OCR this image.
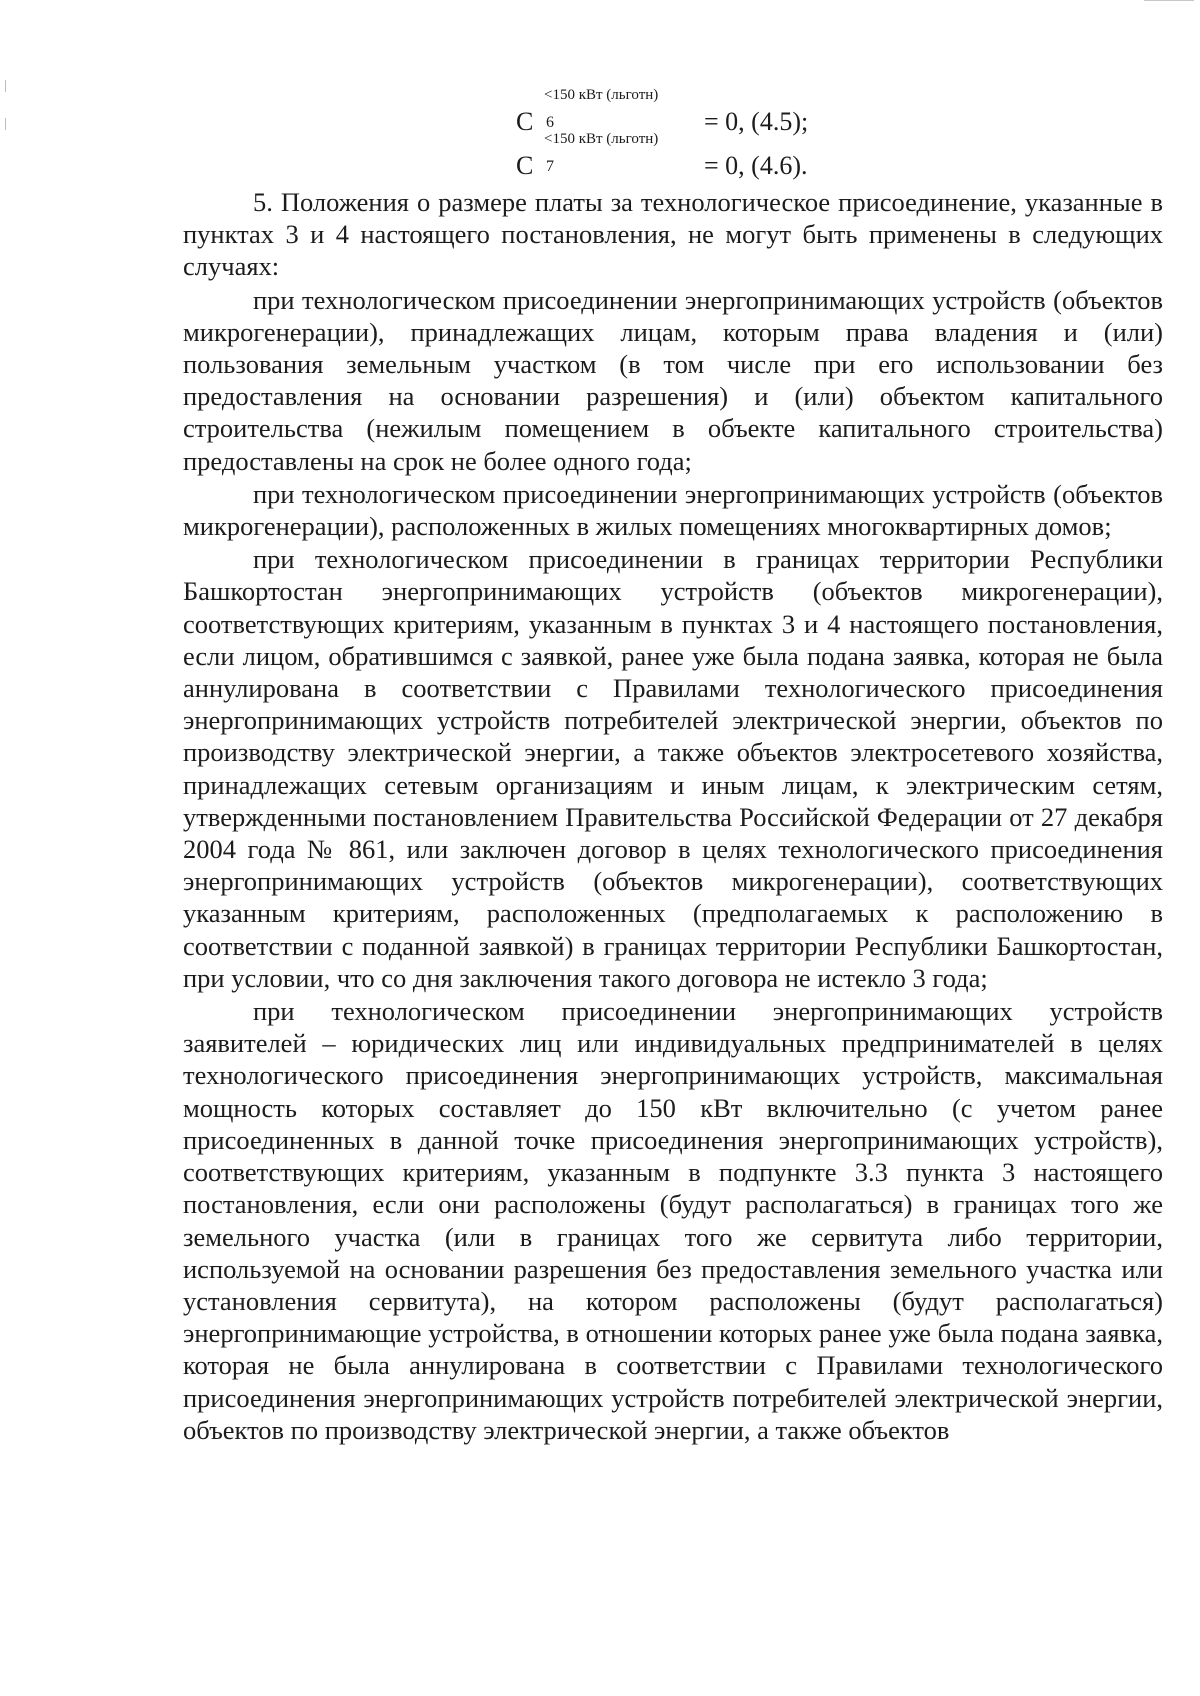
С
<150 кВт (льготн)
6	= 0, (4.5);
С
<150 кВт (льготн)
7	= 0, (4.6).

5. Положения о размере платы за технологическое присоединение, указанные в пунктах 3 и 4 настоящего постановления, не могут быть применены в следующих случаях:

при технологическом присоединении энергопринимающих устройств (объектов микрогенерации), принадлежащих лицам, которым права владения и (или) пользования земельным участком (в том числе при его использовании без предоставления на основании разрешения) и (или) объектом капитального строительства (нежилым помещением в объекте капитального строительства) предоставлены на срок не более одного года;

при технологическом присоединении энергопринимающих устройств (объектов микрогенерации), расположенных в жилых помещениях многоквартирных домов;

при технологическом присоединении в границах территории Республики Башкортостан энергопринимающих устройств (объектов микрогенерации), соответствующих критериям, указанным в пунктах 3 и 4 настоящего постановления, если лицом, обратившимся с заявкой, ранее уже была подана заявка, которая не была аннулирована в соответствии с Правилами технологического присоединения энергопринимающих устройств потребителей электрической энергии, объектов по производству электрической энергии, а также объектов электросетевого хозяйства, принадлежащих сетевым организациям и иным лицам, к электрическим сетям, утвержденными постановлением Правительства Российской Федерации от 27 декабря 2004 года № 861, или заключен договор в целях технологического присоединения энергопринимающих устройств (объектов микрогенерации), соответствующих указанным критериям, расположенных (предполагаемых к расположению в соответствии с поданной заявкой) в границах территории Республики Башкортостан, при условии, что со дня заключения такого договора не истекло 3 года;

при технологическом присоединении энергопринимающих устройств заявителей – юридических лиц или индивидуальных предпринимателей в целях технологического присоединения энергопринимающих устройств, максимальная мощность которых составляет до 150 кВт включительно (с учетом ранее присоединенных в данной точке присоединения энергопринимающих устройств), соответствующих критериям, указанным в подпункте 3.3 пункта 3 настоящего постановления, если они расположены (будут располагаться) в границах того же земельного участка (или в границах того же сервитута либо территории, используемой на основании разрешения без предоставления земельного участка или установления сервитута), на котором расположены (будут располагаться) энергопринимающие устройства, в отношении которых ранее уже была подана заявка, которая не была аннулирована в соответствии с Правилами технологического присоединения энергопринимающих устройств потребителей электрической энергии, объектов по производству электрической энергии, а также объектов
